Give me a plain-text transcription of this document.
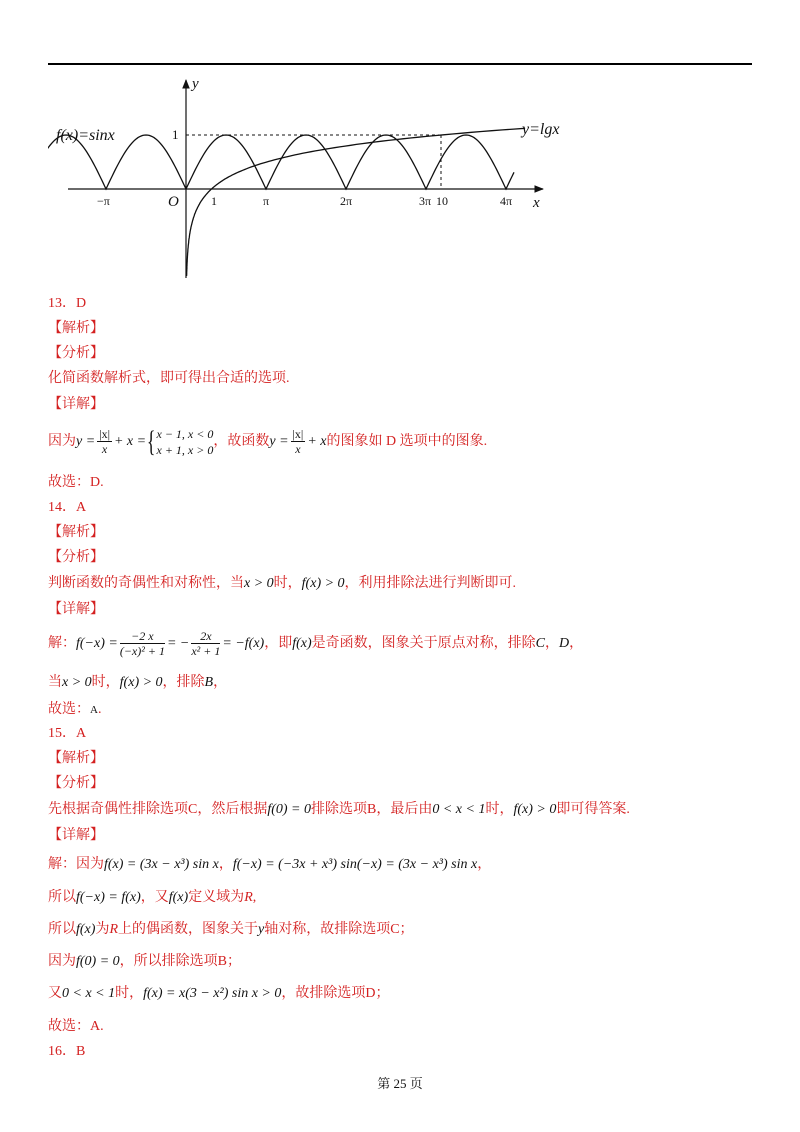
f(x)=sinx	y=lgx
y
x
O
1
−π	1	π	2π	3π 10	4π
13．D
【解析】
【分析】
化简函数解析式，即可得出合适的选项.
【详解】
因为$y = \frac{|x|}{x} + x$ ={ x − 1, x < 0
x + 1, x > 0
，故函数$y = \frac{|x|}{x} + x$的图象如 D 选项中的图象.
故选：D.
14．A
【解析】
【分析】
判断函数的奇偶性和对称性，当x > 0时，f(x) > 0，利用排除法进行判断即可.
【详解】
解：$f(-x) = \frac{-2 x}{\text{(−x)² + 1}}$ = − $\frac{2x}{\text{x² + 1}} = -f(x)$，即f(x)是奇函数，图象关于原点对称，排除C，D，
当x > 0时，f(x) > 0，排除B，
故选：A.
15．A
【解析】
【分析】
先根据奇偶性排除选项C，然后根据f(0) = 0排除选项B，最后由0 < x < 1时，f(x) > 0即可得答案.
【详解】
解：因为f(x) = (3x − x³) sin x，f(−x) = (−3x + x³) sin(−x) = (3x − x³) sin x，
所以f(−x) = f(x)，又f(x)定义域为R,
所以f(x)为R上的偶函数，图象关于y轴对称，故排除选项C；
因为f(0) = 0，所以排除选项B；
又0 < x < 1时，f(x) = x(3 − x²) sin x > 0，故排除选项D；
故选：A.
16．B
第 25 页
